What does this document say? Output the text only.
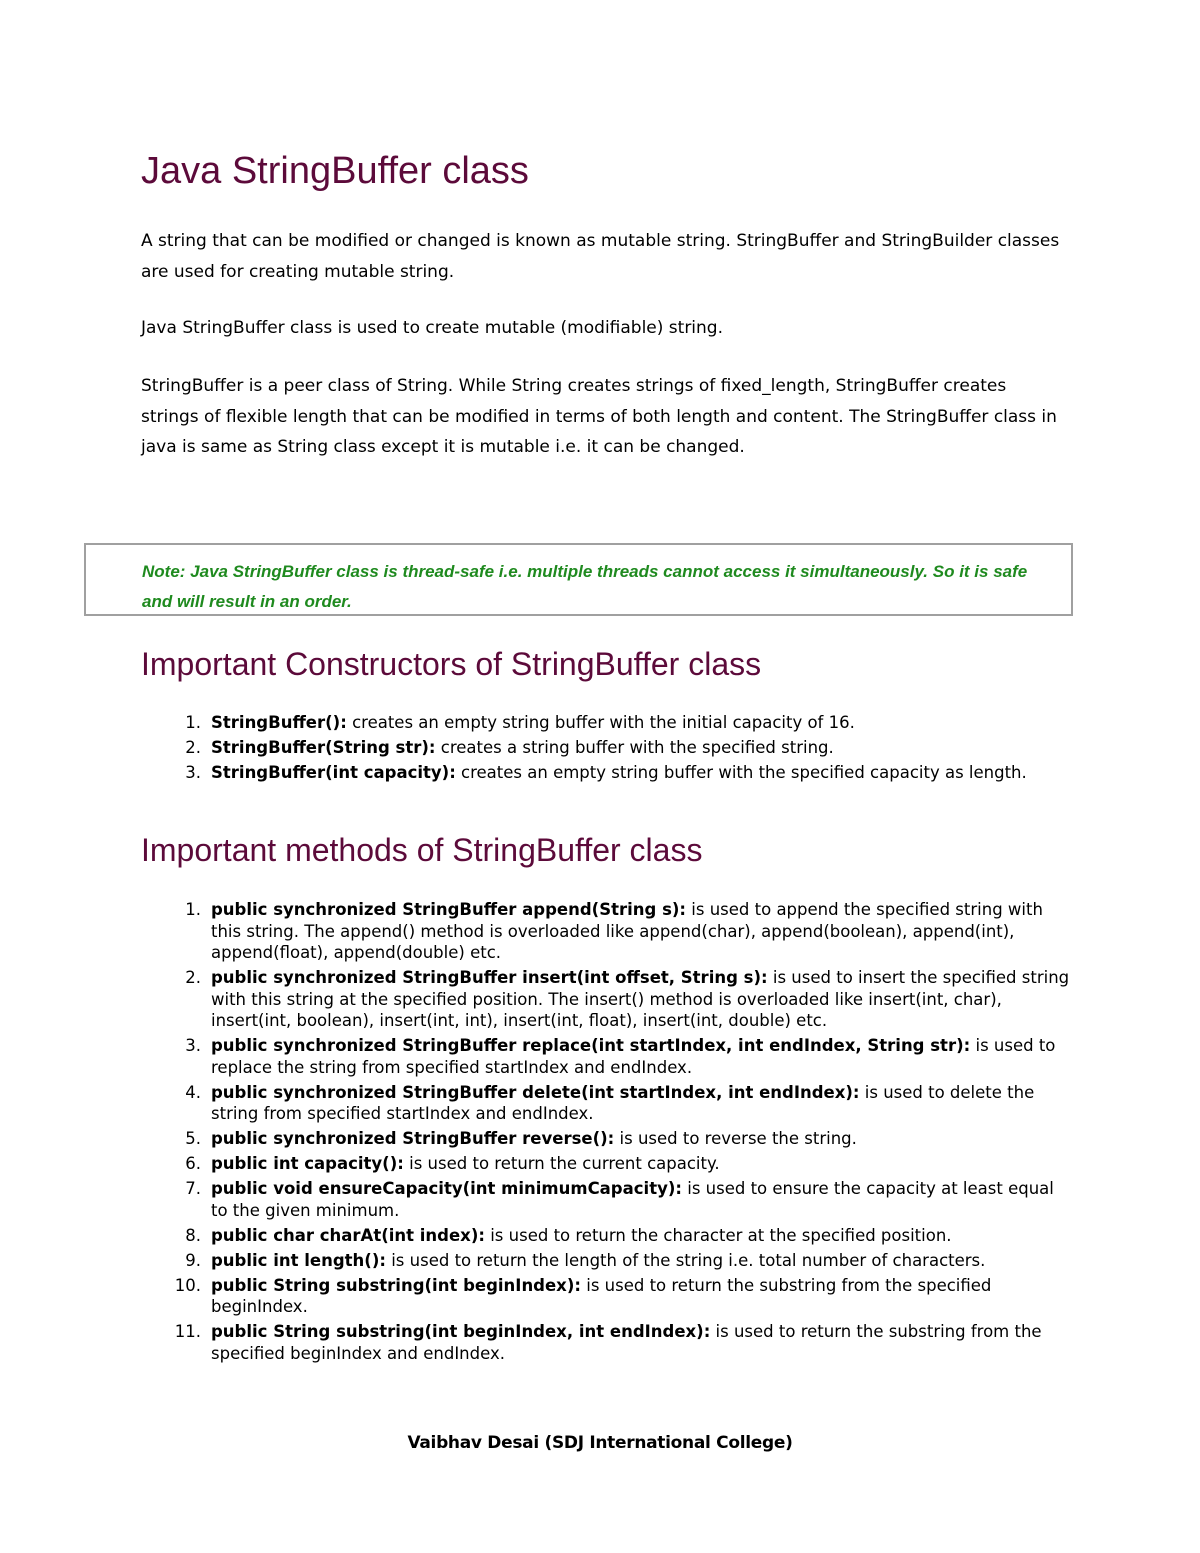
Java StringBuffer class

A string that can be modified or changed is known as mutable string. StringBuffer and StringBuilder classes are used for creating mutable string.

Java StringBuffer class is used to create mutable (modifiable) string.

StringBuffer is a peer class of String. While String creates strings of fixed_length, StringBuffer creates strings of flexible length that can be modified in terms of both length and content. The StringBuffer class in java is same as String class except it is mutable i.e. it can be changed.

Note: Java StringBuffer class is thread-safe i.e. multiple threads cannot access it simultaneously. So it is safe and will result in an order.

Important Constructors of StringBuffer class
1. StringBuffer(): creates an empty string buffer with the initial capacity of 16.
2. StringBuffer(String str): creates a string buffer with the specified string.
3. StringBuffer(int capacity): creates an empty string buffer with the specified capacity as length.
Important methods of StringBuffer class
1. public synchronized StringBuffer append(String s): is used to append the specified string with this string. The append() method is overloaded like append(char), append(boolean), append(int), append(float), append(double) etc.
2. public synchronized StringBuffer insert(int offset, String s): is used to insert the specified string with this string at the specified position. The insert() method is overloaded like insert(int, char), insert(int, boolean), insert(int, int), insert(int, float), insert(int, double) etc.
3. public synchronized StringBuffer replace(int startIndex, int endIndex, String str): is used to replace the string from specified startIndex and endIndex.
4. public synchronized StringBuffer delete(int startIndex, int endIndex): is used to delete the string from specified startIndex and endIndex.
5. public synchronized StringBuffer reverse(): is used to reverse the string.
6. public int capacity(): is used to return the current capacity.
7. public void ensureCapacity(int minimumCapacity): is used to ensure the capacity at least equal to the given minimum.
8. public char charAt(int index): is used to return the character at the specified position.
9. public int length(): is used to return the length of the string i.e. total number of characters.
10. public String substring(int beginIndex): is used to return the substring from the specified beginIndex.
11. public String substring(int beginIndex, int endIndex): is used to return the substring from the specified beginIndex and endIndex.
Vaibhav Desai (SDJ International College)
